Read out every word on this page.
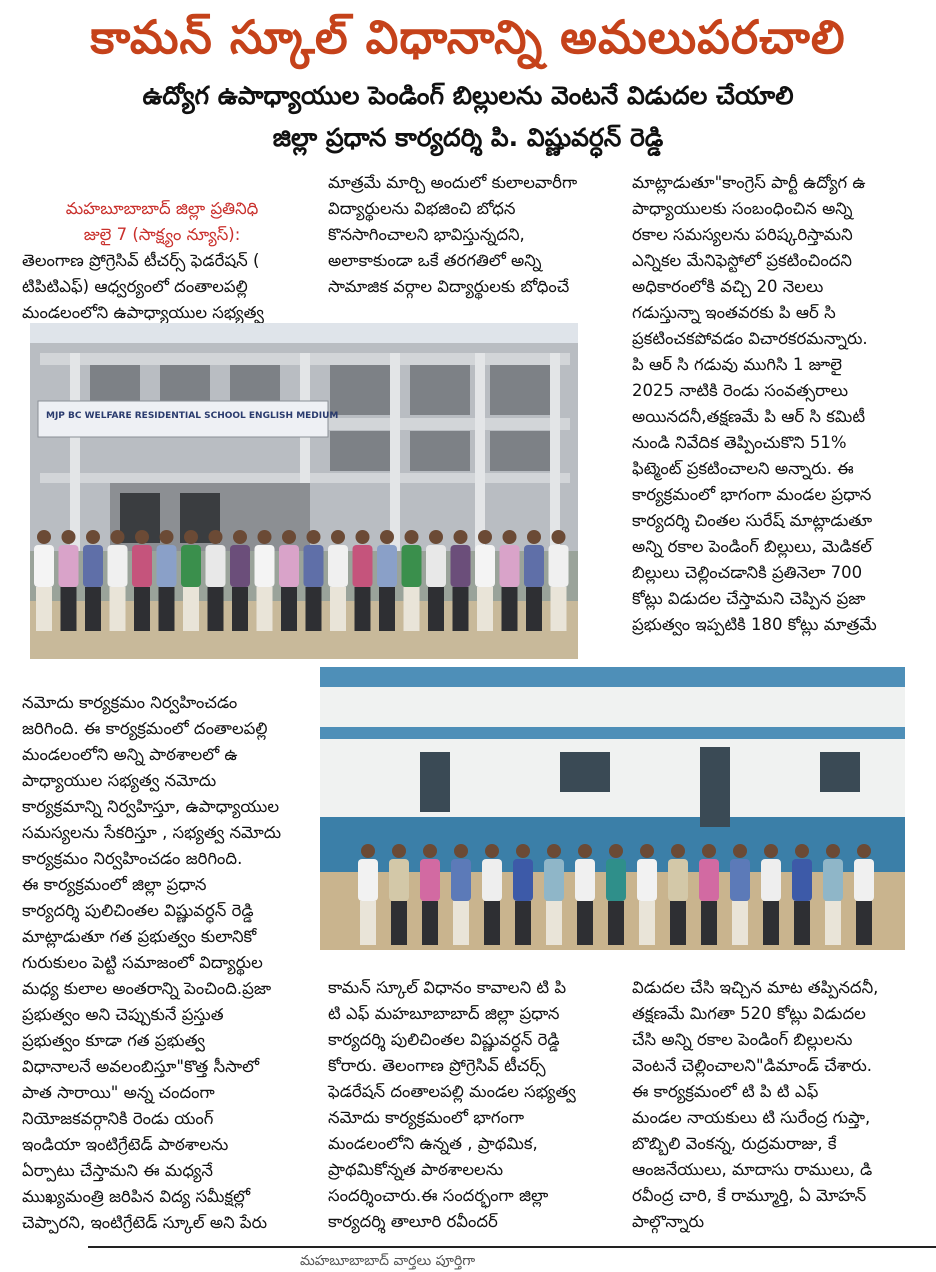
కామన్ స్కూల్ విధానాన్ని అమలుపరచాలి
ఉద్యోగ ఉపాధ్యాయుల పెండింగ్ బిల్లులను వెంటనే విడుదల చేయాలి
జిల్లా ప్రధాన కార్యదర్శి పి. విష్ణువర్ధన్ రెడ్డి

మహబూబాబాద్ జిల్లా ప్రతినిధి
జులై 7 (సాక్ష్యం న్యూస్):
తెలంగాణ ప్రోగ్రెసివ్ టీచర్స్ ఫెడరేషన్ (
టిపిటిఎఫ్) ఆధ్వర్యంలో దంతాలపల్లి
మండలంలోని ఉపాధ్యాయుల సభ్యత్వ

మాత్రమే మార్చి అందులో కులాలవారీగా
విద్యార్థులను విభజించి బోధన
కొనసాగించాలని భావిస్తున్నదని,
అలాకాకుండా ఒకే తరగతిలో అన్ని
సామాజిక వర్గాల విద్యార్థులకు బోధించే
మాట్లాడుతూ"కాంగ్రెస్ పార్టీ ఉద్యోగ ఉ
పాధ్యాయులకు సంబంధించిన అన్ని
రకాల సమస్యలను పరిష్కరిస్తామని
ఎన్నికల మేనిఫెస్టోలో ప్రకటించిందని
అధికారంలోకి వచ్చి 20 నెలలు
గడుస్తున్నా ఇంతవరకు పి ఆర్ సి
ప్రకటించకపోవడం విచారకరమన్నారు.
పి ఆర్ సి గడువు ముగిసి 1 జూలై
2025 నాటికి రెండు సంవత్సరాలు
అయినదనీ,తక్షణమే పి ఆర్ సి కమిటీ
నుండి నివేదిక తెప్పించుకొని 51%
ఫిట్మెంట్ ప్రకటించాలని అన్నారు. ఈ
కార్యక్రమంలో భాగంగా మండల ప్రధాన
కార్యదర్శి చింతల సురేష్ మాట్లాడుతూ
అన్ని రకాల పెండింగ్ బిల్లులు, మెడికల్
బిల్లులు చెల్లించడానికి ప్రతినెలా 700
కోట్లు విడుదల చేస్తామని చెప్పిన ప్రజా
ప్రభుత్వం ఇప్పటికి 180 కోట్లు మాత్రమే
MJP BC WELFARE RESIDENTIAL SCHOOL ENGLISH MEDIUM
నమోదు కార్యక్రమం నిర్వహించడం
జరిగింది. ఈ కార్యక్రమంలో దంతాలపల్లి
మండలంలోని అన్ని పాఠశాలలో ఉ
పాధ్యాయుల సభ్యత్వ నమోదు
కార్యక్రమాన్ని నిర్వహిస్తూ, ఉపాధ్యాయుల
సమస్యలను సేకరిస్తూ , సభ్యత్వ నమోదు
కార్యక్రమం నిర్వహించడం జరిగింది.
ఈ కార్యక్రమంలో జిల్లా ప్రధాన
కార్యదర్శి పులిచింతల విష్ణువర్ధన్ రెడ్డి
మాట్లాడుతూ గత ప్రభుత్వం కులానికో
గురుకులం పెట్టి సమాజంలో విద్యార్థుల
మధ్య కులాల అంతరాన్ని పెంచింది.ప్రజా
ప్రభుత్వం అని చెప్పుకునే ప్రస్తుత
ప్రభుత్వం కూడా గత ప్రభుత్వ
విధానాలనే అవలంబిస్తూ"కొత్త సీసాలో
పాత సారాయి" అన్న చందంగా
నియోజకవర్గానికి రెండు యంగ్
ఇండియా ఇంటిగ్రేటెడ్ పాఠశాలను
ఏర్పాటు చేస్తామని ఈ మధ్యనే
ముఖ్యమంత్రి జరిపిన విద్య సమీక్షల్లో
చెప్పారని, ఇంటిగ్రేటెడ్ స్కూల్ అని పేరు
కామన్ స్కూల్ విధానం కావాలని టి పి
టి ఎఫ్ మహబూబాబాద్ జిల్లా ప్రధాన
కార్యదర్శి పులిచింతల విష్ణువర్ధన్ రెడ్డి
కోరారు. తెలంగాణ ప్రోగ్రెసివ్ టీచర్స్
ఫెడరేషన్ దంతాలపల్లి మండల సభ్యత్వ
నమోదు కార్యక్రమంలో భాగంగా
మండలంలోని ఉన్నత , ప్రాథమిక,
ప్రాథమికోన్నత పాఠశాలలను
సందర్శించారు.ఈ సందర్భంగా జిల్లా
కార్యదర్శి తాలూరి రవీందర్
విడుదల చేసి ఇచ్చిన మాట తప్పినదనీ,
తక్షణమే మిగతా 520 కోట్లు విడుదల
చేసి అన్ని రకాల పెండింగ్ బిల్లులను
వెంటనే చెల్లించాలని"డిమాండ్ చేశారు.
ఈ కార్యక్రమంలో టి పి టి ఎఫ్
మండల నాయకులు టి సురేంద్ర గుప్తా,
బొబ్బిలి వెంకన్న, రుద్రమరాజు, కే
ఆంజనేయులు, మాదాసు రాములు, డి
రవీంద్ర చారి, కే రామ్మూర్తి, ఏ మోహన్
పాల్గొన్నారు
మహబూబాబాద్ వార్తలు పూర్తిగా
